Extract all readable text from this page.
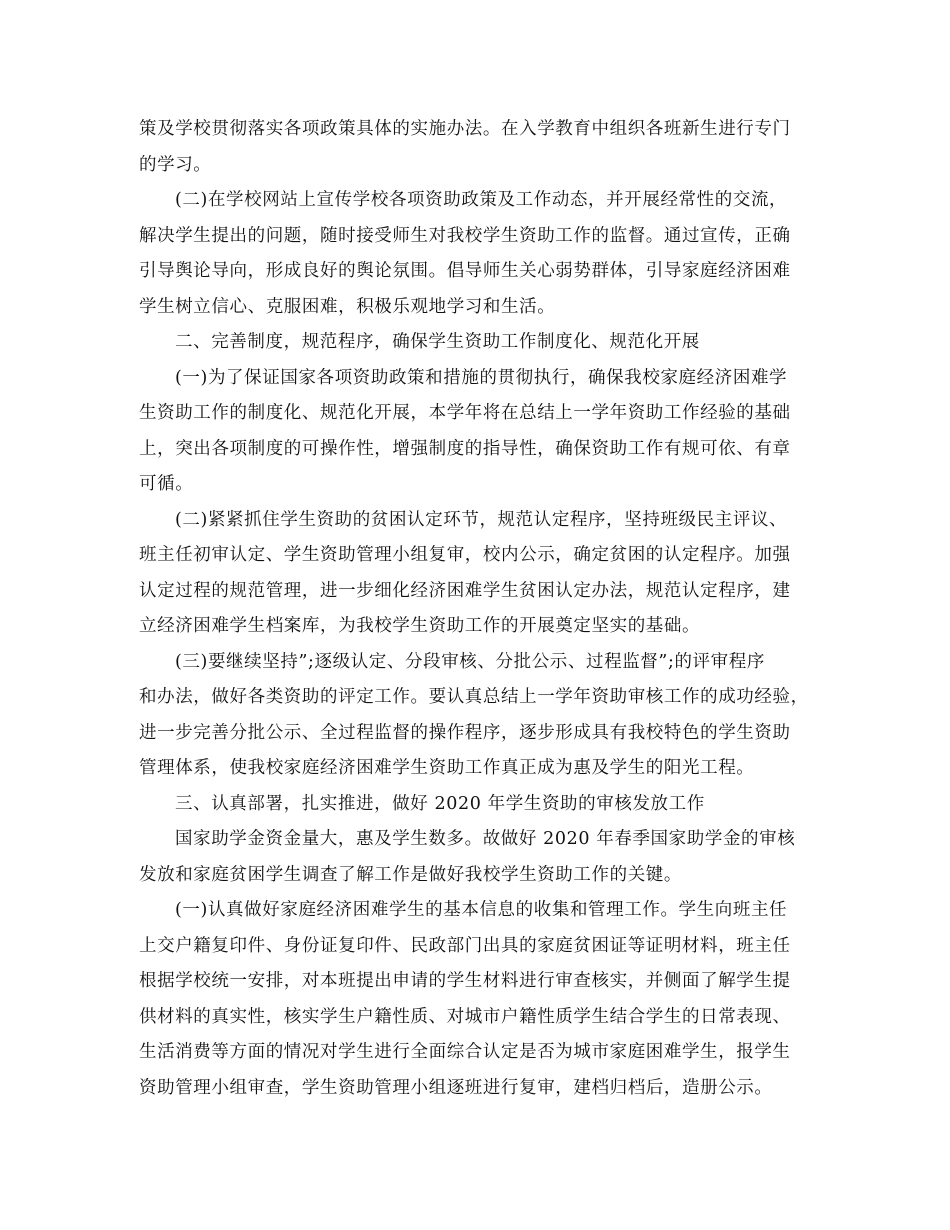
策及学校贯彻落实各项政策具体的实施办法。在入学教育中组织各班新生进行专门
的学习。
(二)在学校网站上宣传学校各项资助政策及工作动态，并开展经常性的交流，
解决学生提出的问题，随时接受师生对我校学生资助工作的监督。通过宣传，正确
引导舆论导向，形成良好的舆论氛围。倡导师生关心弱势群体，引导家庭经济困难
学生树立信心、克服困难，积极乐观地学习和生活。
二、完善制度，规范程序，确保学生资助工作制度化、规范化开展
(一)为了保证国家各项资助政策和措施的贯彻执行，确保我校家庭经济困难学
生资助工作的制度化、规范化开展，本学年将在总结上一学年资助工作经验的基础
上，突出各项制度的可操作性，增强制度的指导性，确保资助工作有规可依、有章
可循。
(二)紧紧抓住学生资助的贫困认定环节，规范认定程序，坚持班级民主评议、
班主任初审认定、学生资助管理小组复审，校内公示，确定贫困的认定程序。加强
认定过程的规范管理，进一步细化经济困难学生贫困认定办法，规范认定程序，建
立经济困难学生档案库，为我校学生资助工作的开展奠定坚实的基础。
(三)要继续坚持”;逐级认定、分段审核、分批公示、过程监督”;的评审程序
和办法，做好各类资助的评定工作。要认真总结上一学年资助审核工作的成功经验，
进一步完善分批公示、全过程监督的操作程序，逐步形成具有我校特色的学生资助
管理体系，使我校家庭经济困难学生资助工作真正成为惠及学生的阳光工程。
三、认真部署，扎实推进，做好 2020 年学生资助的审核发放工作
国家助学金资金量大，惠及学生数多。故做好 2020 年春季国家助学金的审核
发放和家庭贫困学生调查了解工作是做好我校学生资助工作的关键。
(一)认真做好家庭经济困难学生的基本信息的收集和管理工作。学生向班主任
上交户籍复印件、身份证复印件、民政部门出具的家庭贫困证等证明材料，班主任
根据学校统一安排，对本班提出申请的学生材料进行审查核实，并侧面了解学生提
供材料的真实性，核实学生户籍性质、对城市户籍性质学生结合学生的日常表现、
生活消费等方面的情况对学生进行全面综合认定是否为城市家庭困难学生，报学生
资助管理小组审查，学生资助管理小组逐班进行复审，建档归档后，造册公示。
